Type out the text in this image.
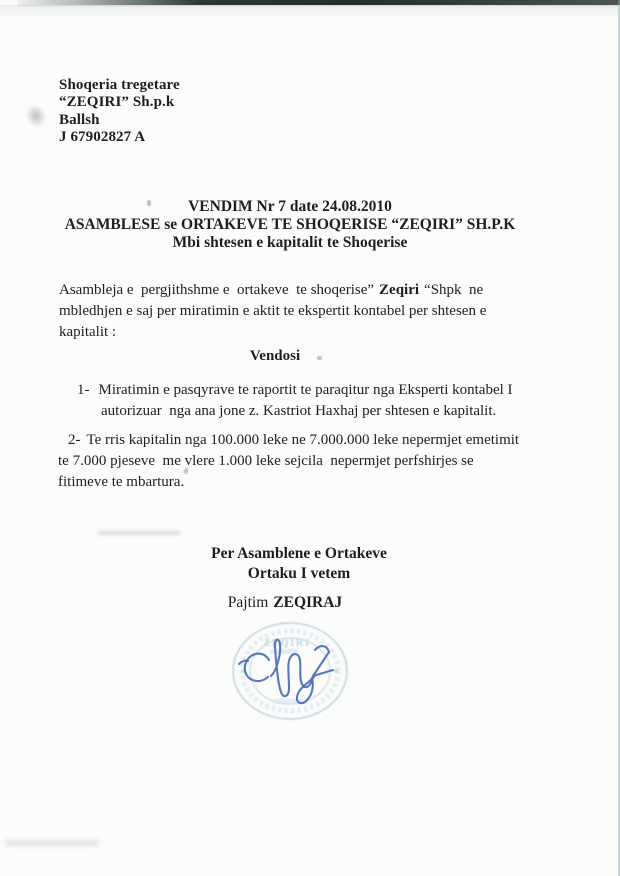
Shoqeria tregetare
“ZEQIRI” Sh.p.k
Ballsh
J 67902827 A
VENDIM Nr 7 date 24.08.2010
ASAMBLESE se ORTAKEVE TE SHOQERISE “ZEQIRI” SH.P.K
Mbi shtesen e kapitalit te Shoqerise
Asambleja e  pergjithshme e  ortakeve  te shoqerise” Zeqiri “Shpk  ne
mbledhjen e saj per miratimin e aktit te ekspertit kontabel per shtesen e
kapitalit :
Vendosi
1- Miratimin e pasqyrave te raportit te paraqitur nga Eksperti kontabel I
autorizuar  nga ana jone z. Kastriot Haxhaj per shtesen e kapitalit.
2- Te rris kapitalin nga 100.000 leke ne 7.000.000 leke nepermjet emetimit
te 7.000 pjeseve  me vlere 1.000 leke sejcila  nepermjet perfshirjes se
fitimeve te mbartura.
Per Asamblene e Ortakeve
Ortaku I vetem
Pajtim ZEQIRAJ
ZEQIRI
